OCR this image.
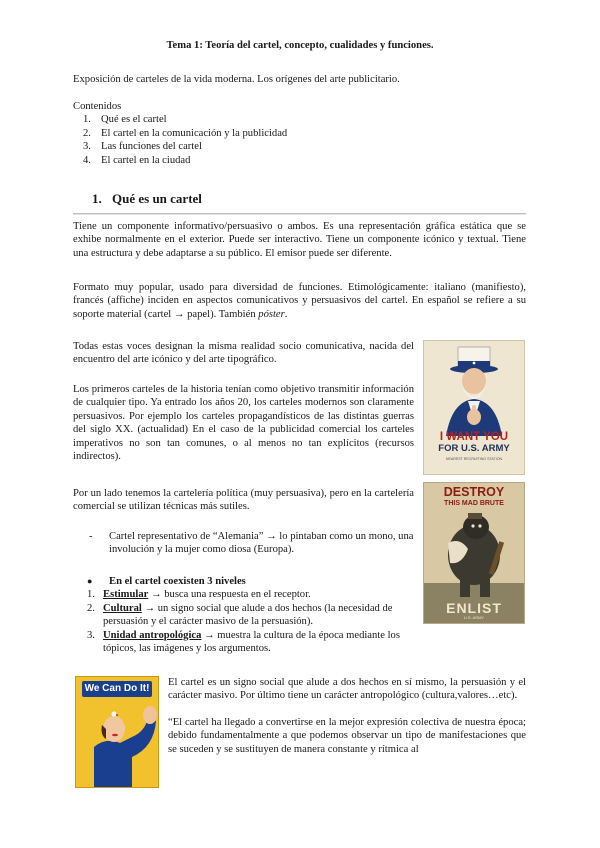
Tema 1: Teoría del cartel, concepto, cualidades y funciones.

Exposición de carteles de la vida moderna. Los orígenes del arte publicitario.

Contenidos
1. Qué es el cartel
2. El cartel en la comunicación y la publicidad
3. Las funciones del cartel
4. El cartel en la ciudad
1. Qué es un cartel

Tiene un componente informativo/persuasivo o ambos. Es una representación gráfica estática que se exhibe normalmente en el exterior. Puede ser interactivo. Tiene un componente icónico y textual. Tiene una estructura y debe adaptarse a su público. El emisor puede ser diferente.

Formato muy popular, usado para diversidad de funciones. Etimológicamente: italiano (manifiesto), francés (affiche) inciden en aspectos comunicativos y persuasivos del cartel. En español se refiere a su soporte material (cartel → papel). También póster.

Todas estas voces designan la misma realidad socio comunicativa, nacida del encuentro del arte icónico y del arte tipográfico.

Los primeros carteles de la historia tenían como objetivo transmitir información de cualquier tipo. Ya entrado los años 20, los carteles modernos son claramente persuasivos. Por ejemplo los carteles propagandísticos de las distintas guerras del siglo XX. (actualidad) En el caso de la publicidad comercial los carteles imperativos no son tan comunes, o al menos no tan explícitos (recursos indirectos).

Por un lado tenemos la cartelería política (muy persuasiva), pero en la cartelería comercial se utilizan técnicas más sutiles.

- Cartel representativo de “Alemania” → lo pintaban como un mono, una involución y la mujer como diosa (Europa).
● En el cartel coexisten 3 niveles
1. Estimular → busca una respuesta en el receptor.
2. Cultural → un signo social que alude a dos hechos (la necesidad de persuasión y el carácter masivo de la persuasión).
3. Unidad antropológica → muestra la cultura de la época mediante los tópicos, las imágenes y los argumentos.

El cartel es un signo social que alude a dos hechos en sí mismo, la persuasión y el carácter masivo. Por último tiene un carácter antropológico (cultura,valores…etc).

“El cartel ha llegado a convertirse en la mejor expresión colectiva de nuestra época; debido fundamentalmente a que podemos observar un tipo de manifestaciones que se suceden y se sustituyen de manera constante y rítmica al

I WANT YOU
FOR U.S. ARMY
NEAREST RECRUITING STATION
DESTROY
THIS MAD BRUTE
ENLIST
U.S. ARMY
We Can Do It!
